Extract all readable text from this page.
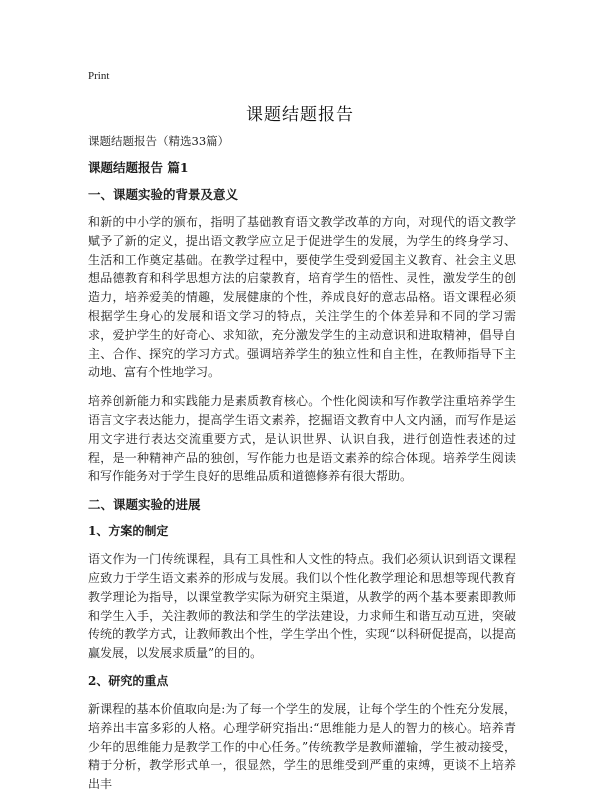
Print
课题结题报告

课题结题报告（精选33篇）

课题结题报告 篇1

一、课题实验的背景及意义

和新的中小学的颁布，指明了基础教育语文教学改革的方向，对现代的语文教学赋予了新的定义，提出语文教学应立足于促进学生的发展，为学生的终身学习、生活和工作奠定基础。在教学过程中，要使学生受到爱国主义教育、社会主义思想品德教育和科学思想方法的启蒙教育，培育学生的悟性、灵性，激发学生的创造力，培养爱美的情趣，发展健康的个性，养成良好的意志品格。语文课程必须根据学生身心的发展和语文学习的特点，关注学生的个体差异和不同的学习需求，爱护学生的好奇心、求知欲，充分激发学生的主动意识和进取精神，倡导自主、合作、探究的学习方式。强调培养学生的独立性和自主性，在教师指导下主动地、富有个性地学习。

培养创新能力和实践能力是素质教育核心。个性化阅读和写作教学注重培养学生语言文字表达能力，提高学生语文素养，挖掘语文教育中人文内涵，而写作是运用文字进行表达交流重要方式，是认识世界、认识自我，进行创造性表述的过程，是一种精神产品的独创，写作能力也是语文素养的综合体现。培养学生阅读和写作能务对于学生良好的思维品质和道德修养有很大帮助。

二、课题实验的进展

1、方案的制定

语文作为一门传统课程，具有工具性和人文性的特点。我们必须认识到语文课程应致力于学生语文素养的形成与发展。我们以个性化教学理论和思想等现代教育教学理论为指导，以课堂教学实际为研究主渠道，从教学的两个基本要素即教师和学生入手，关注教师的教法和学生的学法建设，力求师生和谐互动互进，突破传统的教学方式，让教师教出个性，学生学出个性，实现“以科研促提高，以提高赢发展，以发展求质量”的目的。

2、研究的重点

新课程的基本价值取向是:为了每一个学生的发展，让每个学生的个性充分发展，培养出丰富多彩的人格。心理学研究指出:“思维能力是人的智力的核心。培养青少年的思维能力是教学工作的中心任务。”传统教学是教师灌输，学生被动接受，精于分析，教学形式单一，很显然，学生的思维受到严重的束缚，更谈不上培养出丰
